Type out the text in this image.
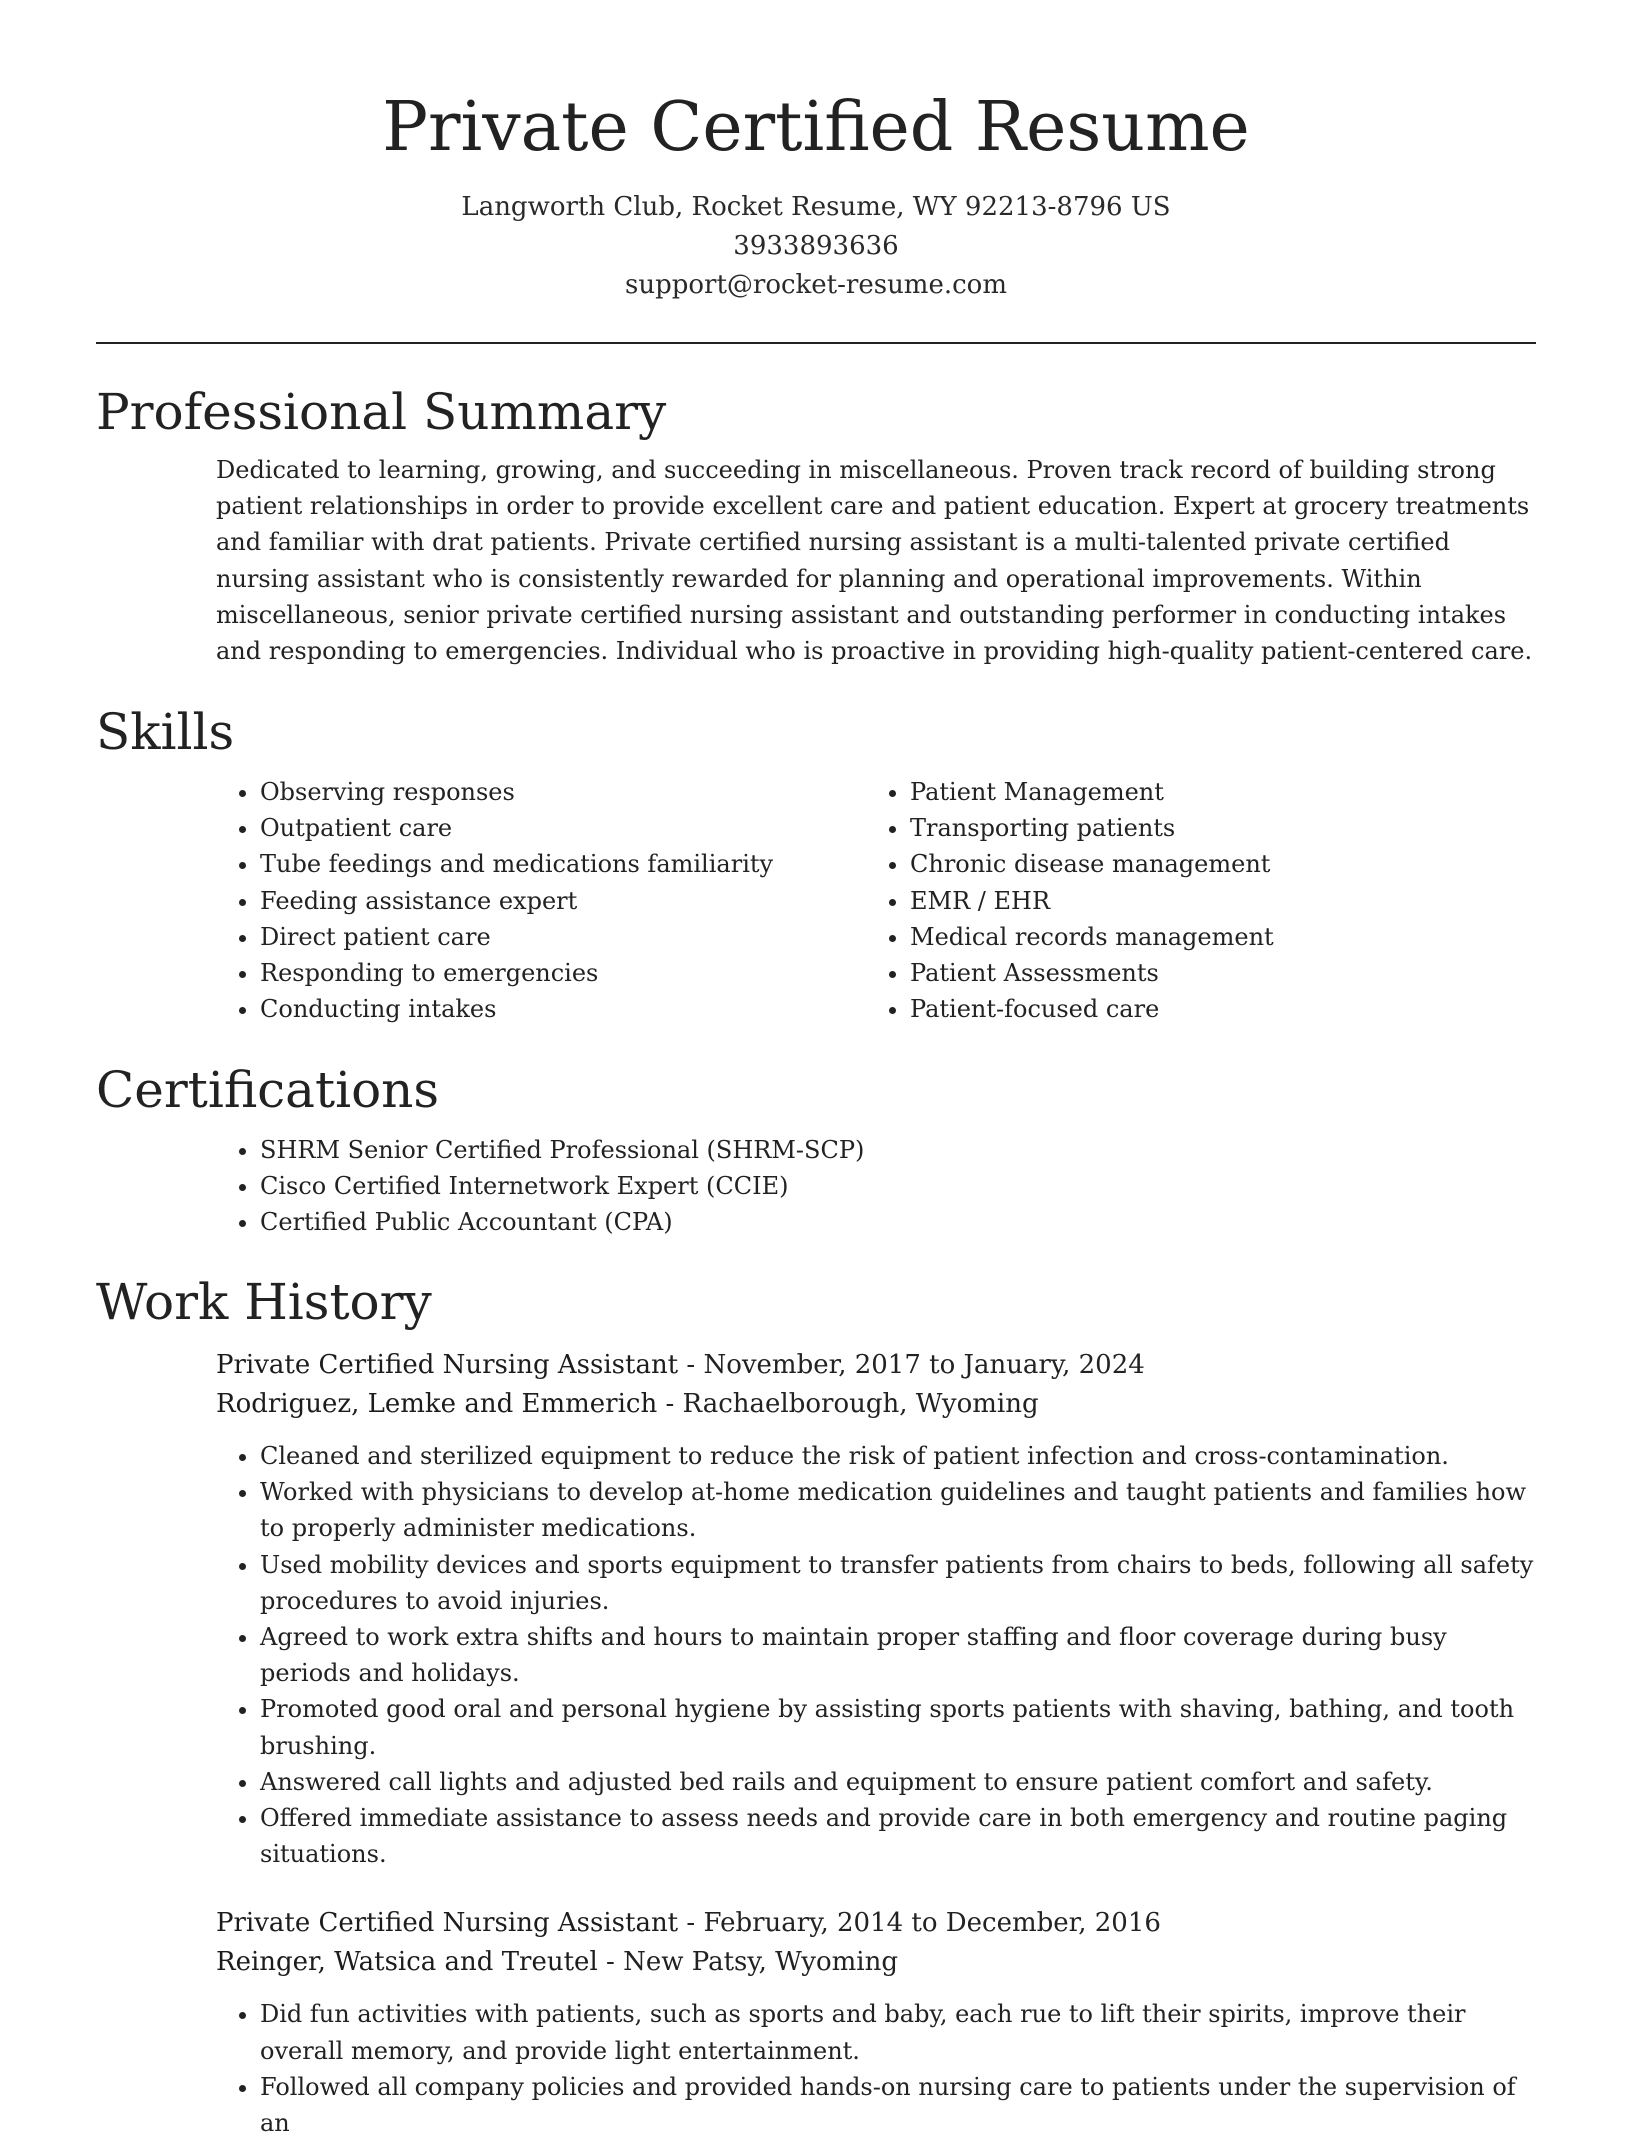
Private Certified Resume
Langworth Club, Rocket Resume, WY 92213-8796 US
3933893636
support@rocket-resume.com
Professional Summary

Dedicated to learning, growing, and succeeding in miscellaneous. Proven track record of building strong patient relationships in order to provide excellent care and patient education. Expert at grocery treatments and familiar with drat patients. Private certified nursing assistant is a multi-talented private certified nursing assistant who is consistently rewarded for planning and operational improvements. Within miscellaneous, senior private certified nursing assistant and outstanding performer in conducting intakes and responding to emergencies. Individual who is proactive in providing high-quality patient-centered care.

Skills
• Observing responses
• Outpatient care
• Tube feedings and medications familiarity
• Feeding assistance expert
• Direct patient care
• Responding to emergencies
• Conducting intakes
• Patient Management
• Transporting patients
• Chronic disease management
• EMR / EHR
• Medical records management
• Patient Assessments
• Patient-focused care
Certifications
• SHRM Senior Certified Professional (SHRM-SCP)
• Cisco Certified Internetwork Expert (CCIE)
• Certified Public Accountant (CPA)
Work History
Private Certified Nursing Assistant - November, 2017 to January, 2024
Rodriguez, Lemke and Emmerich - Rachaelborough, Wyoming
• Cleaned and sterilized equipment to reduce the risk of patient infection and cross-contamination.
• Worked with physicians to develop at-home medication guidelines and taught patients and families how to properly administer medications.
• Used mobility devices and sports equipment to transfer patients from chairs to beds, following all safety procedures to avoid injuries.
• Agreed to work extra shifts and hours to maintain proper staffing and floor coverage during busy periods and holidays.
• Promoted good oral and personal hygiene by assisting sports patients with shaving, bathing, and tooth brushing.
• Answered call lights and adjusted bed rails and equipment to ensure patient comfort and safety.
• Offered immediate assistance to assess needs and provide care in both emergency and routine paging situations.
Private Certified Nursing Assistant - February, 2014 to December, 2016
Reinger, Watsica and Treutel - New Patsy, Wyoming
• Did fun activities with patients, such as sports and baby, each rue to lift their spirits, improve their overall memory, and provide light entertainment.
• Followed all company policies and provided hands-on nursing care to patients under the supervision of an
